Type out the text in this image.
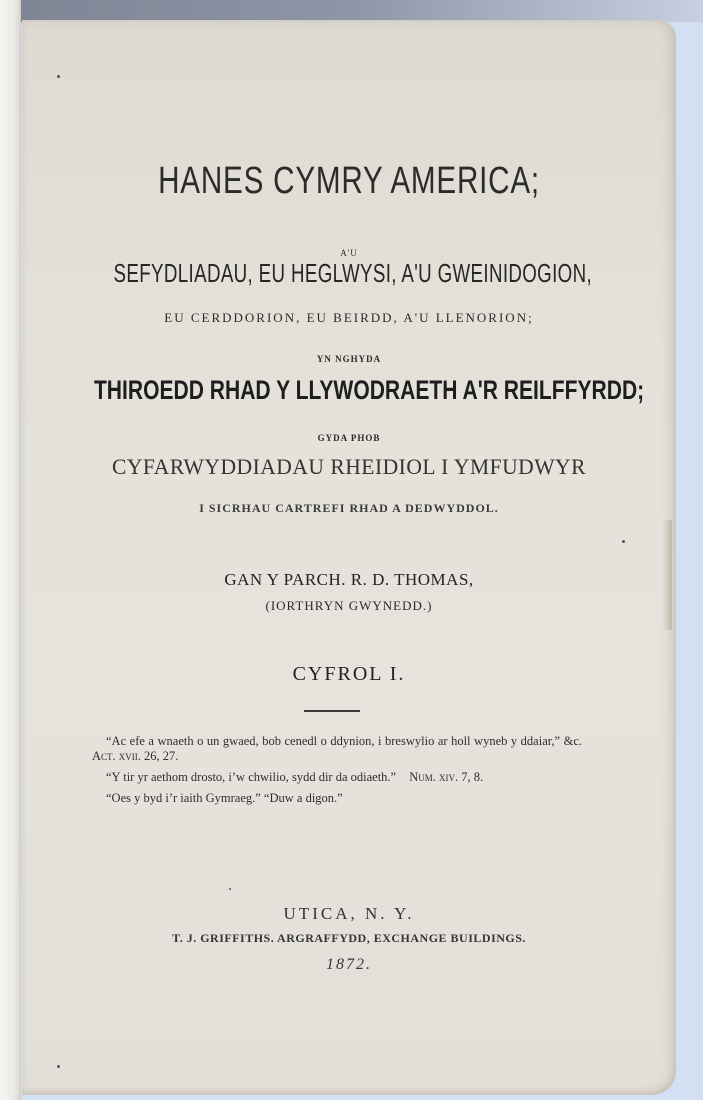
HANES CYMRY AMERICA;
A'U
SEFYDLIADAU, EU HEGLWYSI, A'U GWEINIDOGION,
EU CERDDORION, EU BEIRDD, A'U LLENORION;
YN NGHYDA
THIROEDD RHAD Y LLYWODRAETH A'R REILFFYRDD;
GYDA PHOB
CYFARWYDDIADAU RHEIDIOL I YMFUDWYR
I SICRHAU CARTREFI RHAD A DEDWYDDOL.
GAN Y PARCH. R. D. THOMAS,
(IORTHRYN GWYNEDD.)
CYFROL I.
“Ac efe a wnaeth o un gwaed, bob cenedl o ddynion, i breswylio ar holl wyneb y ddaiar,” &c. Act. xvii. 26, 27.
“Y tir yr aethom drosto, i’w chwilio, sydd dir da odiaeth.” Num. xiv. 7, 8.
“Oes y byd i’r iaith Gymraeg.” “Duw a digon.”
UTICA, N. Y.
T. J. GRIFFITHS. ARGRAFFYDD, EXCHANGE BUILDINGS.
1872.
